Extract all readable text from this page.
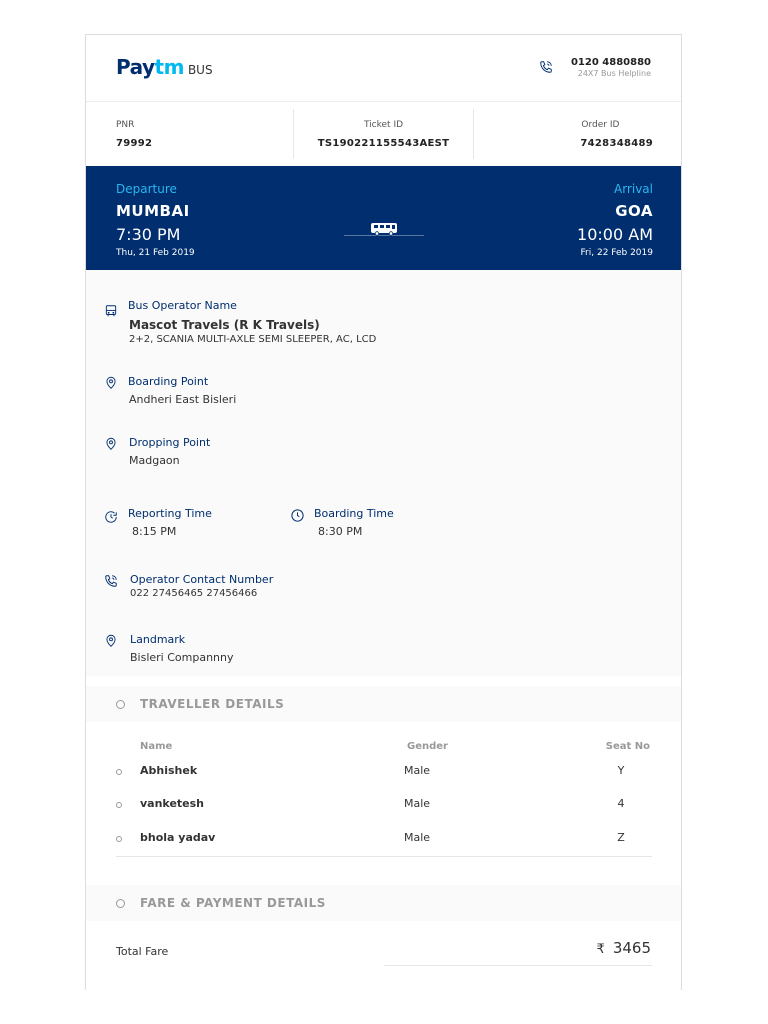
Paytm BUS
0120 4880880
24X7 Bus Helpline
PNR
79992
Ticket ID
TS190221155543AEST
Order ID
7428348489
Departure
MUMBAI
7:30 PM
Thu, 21 Feb 2019
Arrival
GOA
10:00 AM
Fri, 22 Feb 2019
Bus Operator Name
Mascot Travels (R K Travels)
2+2, SCANIA MULTI-AXLE SEMI SLEEPER, AC, LCD
Boarding Point
Andheri East Bisleri
Dropping Point
Madgaon
Reporting Time
8:15 PM
Boarding Time
8:30 PM
Operator Contact Number
022 27456465 27456466
Landmark
Bisleri Compannny
TRAVELLER DETAILS
Name	Gender	Seat No
Abhishek	Male	Y
vanketesh	Male	4
bhola yadav	Male	Z
FARE & PAYMENT DETAILS
Total Fare	₹ 3465
